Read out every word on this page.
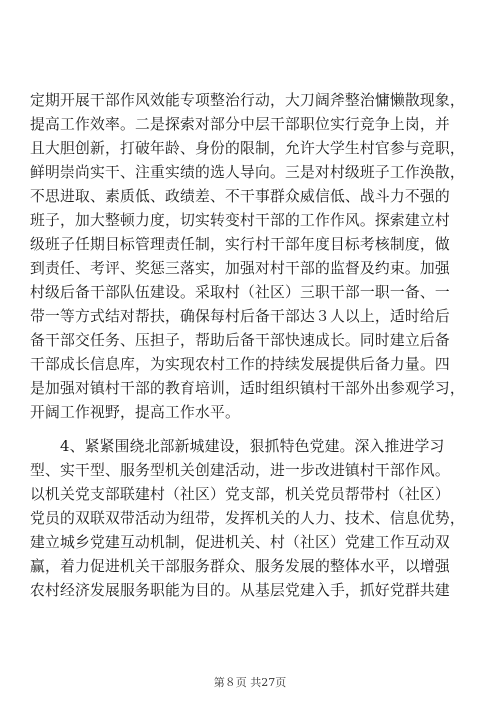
定期开展干部作风效能专项整治行动，大刀阔斧整治慵懒散现象，
提高工作效率。二是探索对部分中层干部职位实行竞争上岗，并
且大胆创新，打破年龄、身份的限制，允许大学生村官参与竞职，
鲜明崇尚实干、注重实绩的选人导向。三是对村级班子工作涣散，
不思进取、素质低、政绩差、不干事群众威信低、战斗力不强的
班子，加大整顿力度，切实转变村干部的工作作风。探索建立村
级班子任期目标管理责任制，实行村干部年度目标考核制度，做
到责任、考评、奖惩三落实，加强对村干部的监督及约束。加强
村级后备干部队伍建设。采取村（社区）三职干部一职一备、一
带一等方式结对帮扶，确保每村后备干部达３人以上，适时给后
备干部交任务、压担子，帮助后备干部快速成长。同时建立后备
干部成长信息库，为实现农村工作的持续发展提供后备力量。四
是加强对镇村干部的教育培训，适时组织镇村干部外出参观学习，
开阔工作视野，提高工作水平。
4、紧紧围绕北部新城建设，狠抓特色党建。深入推进学习
型、实干型、服务型机关创建活动，进一步改进镇村干部作风。
以机关党支部联建村（社区）党支部，机关党员帮带村（社区）
党员的双联双带活动为纽带，发挥机关的人力、技术、信息优势，
建立城乡党建互动机制，促进机关、村（社区）党建工作互动双
赢，着力促进机关干部服务群众、服务发展的整体水平，以增强
农村经济发展服务职能为目的。从基层党建入手，抓好党群共建
第８页 共27页
